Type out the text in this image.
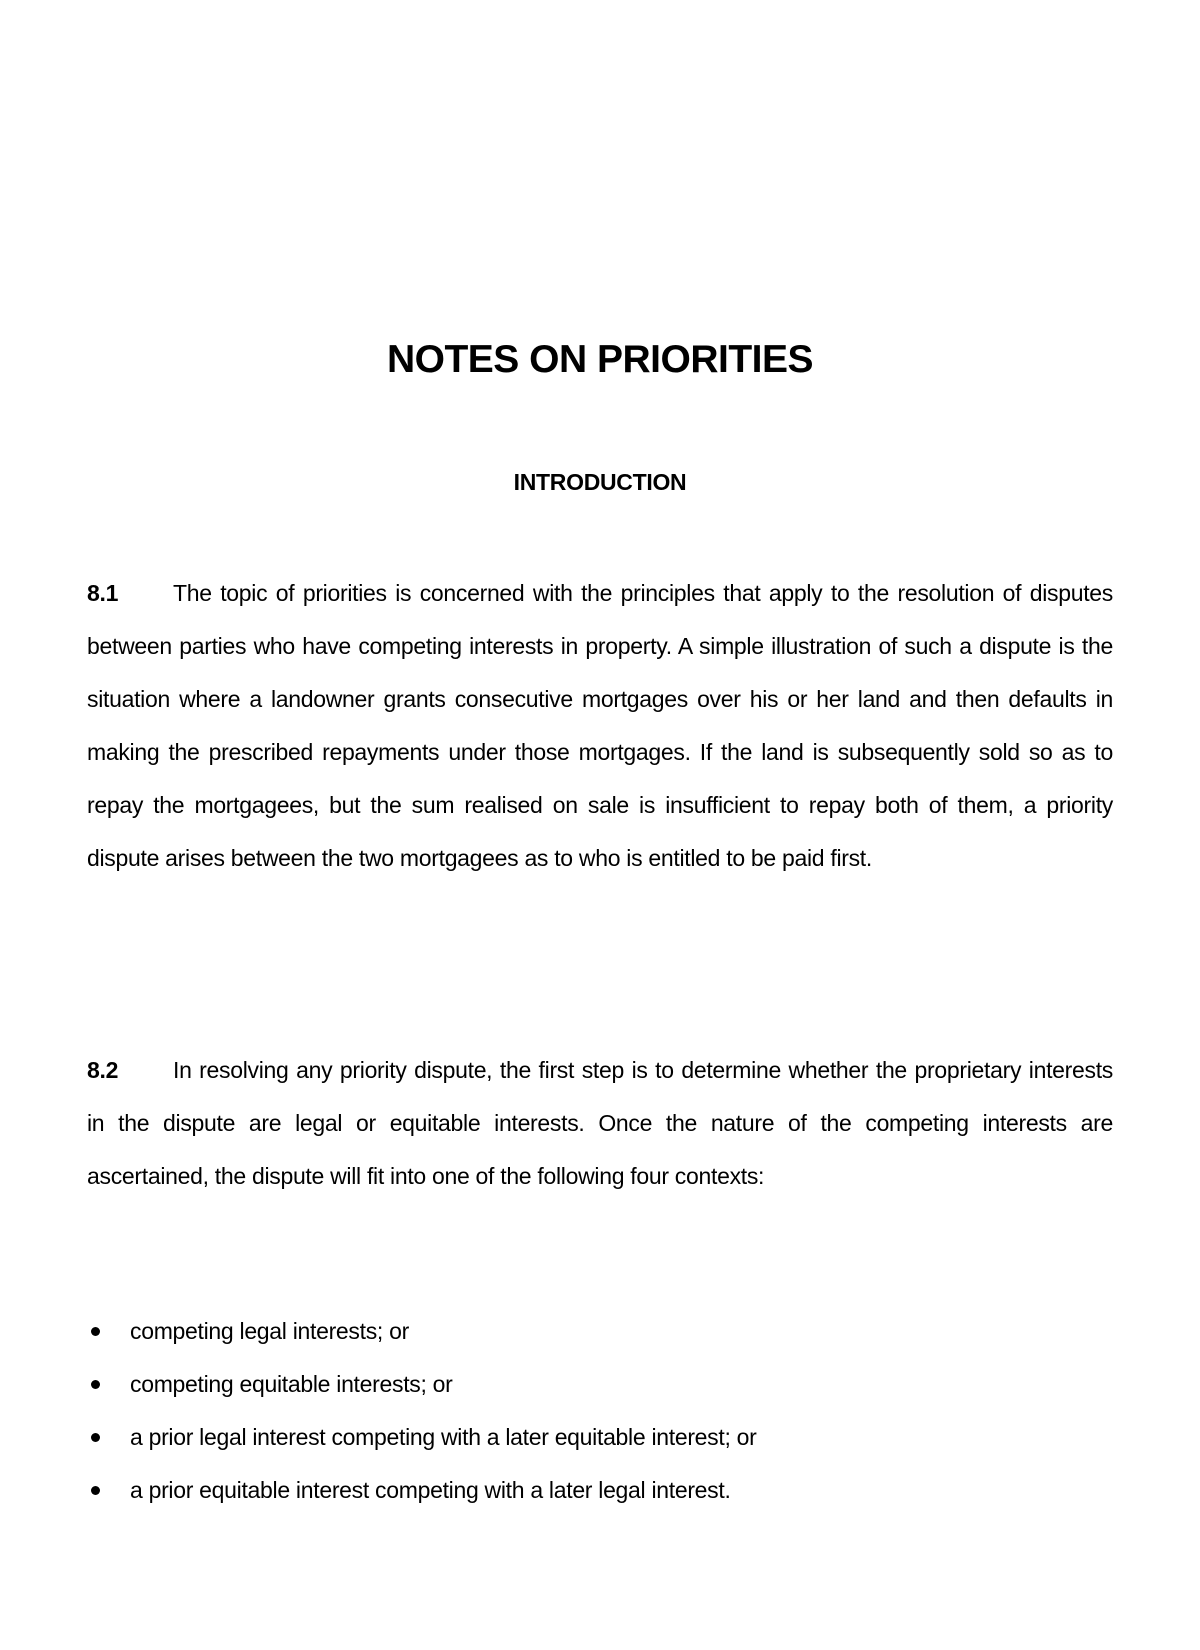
NOTES ON PRIORITIES
INTRODUCTION
8.1 The topic of priorities is concerned with the principles that apply to the resolution of disputes between parties who have competing interests in property. A simple illustration of such a dispute is the situation where a landowner grants consecutive mortgages over his or her land and then defaults in making the prescribed repayments under those mortgages. If the land is subsequently sold so as to repay the mortgagees, but the sum realised on sale is insufficient to repay both of them, a priority dispute arises between the two mortgagees as to who is entitled to be paid first.
8.2 In resolving any priority dispute, the first step is to determine whether the proprietary interests in the dispute are legal or equitable interests. Once the nature of the competing interests are ascertained, the dispute will fit into one of the following four contexts:
competing legal interests; or
competing equitable interests; or
a prior legal interest competing with a later equitable interest; or
a prior equitable interest competing with a later legal interest.
